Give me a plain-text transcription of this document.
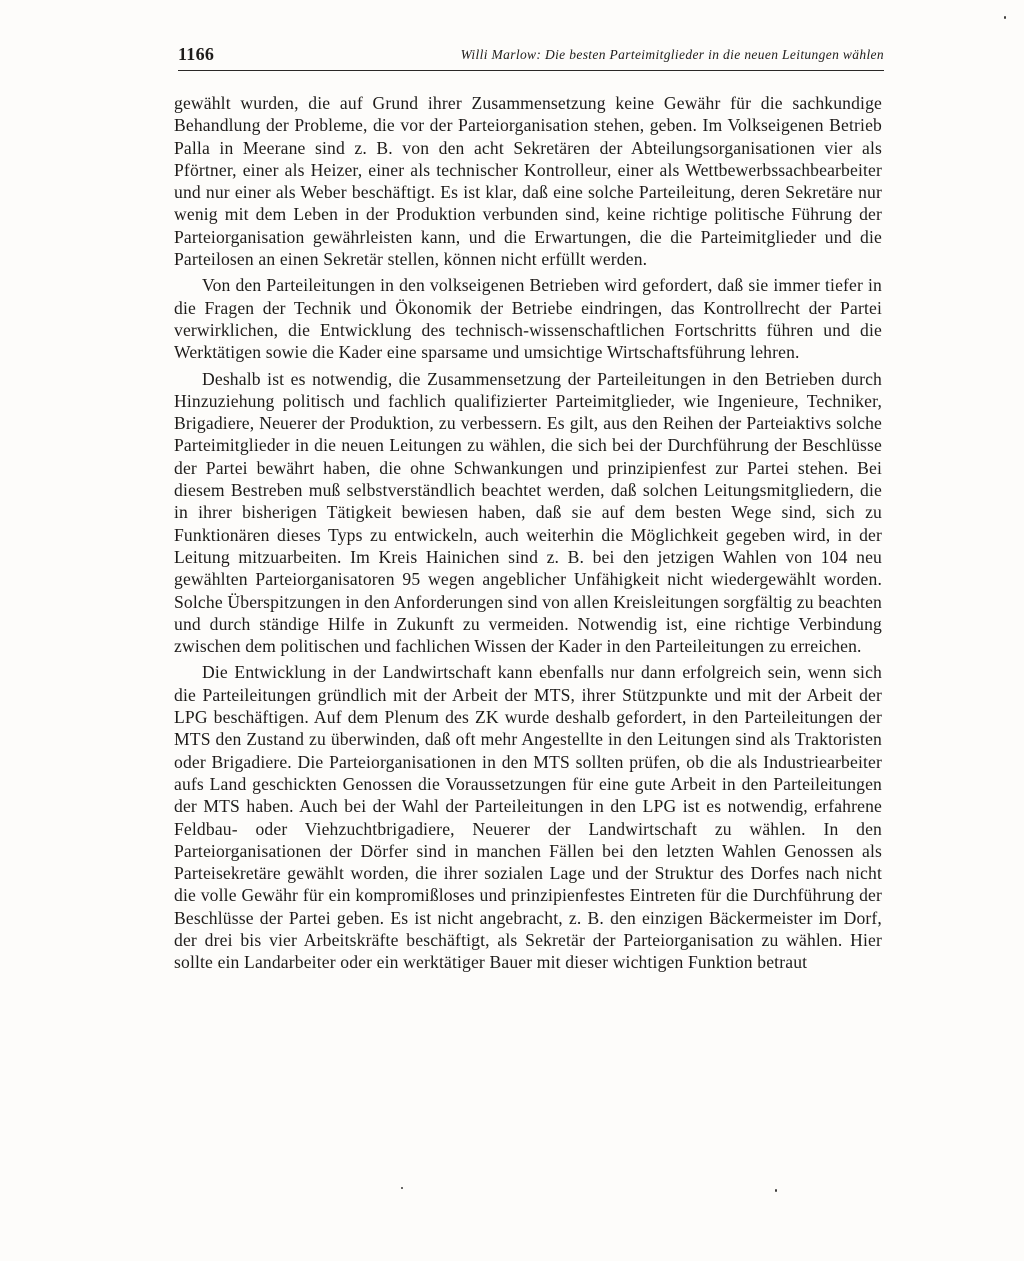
1166	Willi Marlow: Die besten Parteimitglieder in die neuen Leitungen wählen

gewählt wurden, die auf Grund ihrer Zusammensetzung keine Gewähr für die sachkundige Behandlung der Probleme, die vor der Parteiorganisation stehen, geben. Im Volkseigenen Betrieb Palla in Meerane sind z. B. von den acht Sekretären der Abteilungsorganisationen vier als Pförtner, einer als Heizer, einer als technischer Kontrolleur, einer als Wettbewerbssachbearbeiter und nur einer als Weber beschäftigt. Es ist klar, daß eine solche Parteileitung, deren Sekretäre nur wenig mit dem Leben in der Produktion verbunden sind, keine richtige politische Führung der Parteiorganisation gewährleisten kann, und die Erwartungen, die die Parteimitglieder und die Parteilosen an einen Sekretär stellen, können nicht erfüllt werden.

Von den Parteileitungen in den volkseigenen Betrieben wird gefordert, daß sie immer tiefer in die Fragen der Technik und Ökonomik der Betriebe eindringen, das Kontrollrecht der Partei verwirklichen, die Entwicklung des technisch-wissenschaftlichen Fortschritts führen und die Werktätigen sowie die Kader eine sparsame und umsichtige Wirtschaftsführung lehren.

Deshalb ist es notwendig, die Zusammensetzung der Parteileitungen in den Betrieben durch Hinzuziehung politisch und fachlich qualifizierter Parteimitglieder, wie Ingenieure, Techniker, Brigadiere, Neuerer der Produktion, zu verbessern. Es gilt, aus den Reihen der Parteiaktivs solche Parteimitglieder in die neuen Leitungen zu wählen, die sich bei der Durchführung der Beschlüsse der Partei bewährt haben, die ohne Schwankungen und prinzipienfest zur Partei stehen. Bei diesem Bestreben muß selbstverständlich beachtet werden, daß solchen Leitungsmitgliedern, die in ihrer bisherigen Tätigkeit bewiesen haben, daß sie auf dem besten Wege sind, sich zu Funktionären dieses Typs zu entwickeln, auch weiterhin die Möglichkeit gegeben wird, in der Leitung mitzuarbeiten. Im Kreis Hainichen sind z. B. bei den jetzigen Wahlen von 104 neu gewählten Parteiorganisatoren 95 wegen angeblicher Unfähigkeit nicht wiedergewählt worden. Solche Überspitzungen in den Anforderungen sind von allen Kreisleitungen sorgfältig zu beachten und durch ständige Hilfe in Zukunft zu vermeiden. Notwendig ist, eine richtige Verbindung zwischen dem politischen und fachlichen Wissen der Kader in den Parteileitungen zu erreichen.

Die Entwicklung in der Landwirtschaft kann ebenfalls nur dann erfolgreich sein, wenn sich die Parteileitungen gründlich mit der Arbeit der MTS, ihrer Stützpunkte und mit der Arbeit der LPG beschäftigen. Auf dem Plenum des ZK wurde deshalb gefordert, in den Parteileitungen der MTS den Zustand zu überwinden, daß oft mehr Angestellte in den Leitungen sind als Traktoristen oder Brigadiere. Die Parteiorganisationen in den MTS sollten prüfen, ob die als Industriearbeiter aufs Land geschickten Genossen die Voraussetzungen für eine gute Arbeit in den Parteileitungen der MTS haben. Auch bei der Wahl der Parteileitungen in den LPG ist es notwendig, erfahrene Feldbau- oder Viehzuchtbrigadiere, Neuerer der Landwirtschaft zu wählen. In den Parteiorganisationen der Dörfer sind in manchen Fällen bei den letzten Wahlen Genossen als Parteisekretäre gewählt worden, die ihrer sozialen Lage und der Struktur des Dorfes nach nicht die volle Gewähr für ein kompromißloses und prinzipienfestes Eintreten für die Durchführung der Beschlüsse der Partei geben. Es ist nicht angebracht, z. B. den einzigen Bäckermeister im Dorf, der drei bis vier Arbeitskräfte beschäftigt, als Sekretär der Parteiorganisation zu wählen. Hier sollte ein Landarbeiter oder ein werktätiger Bauer mit dieser wichtigen Funktion betraut
